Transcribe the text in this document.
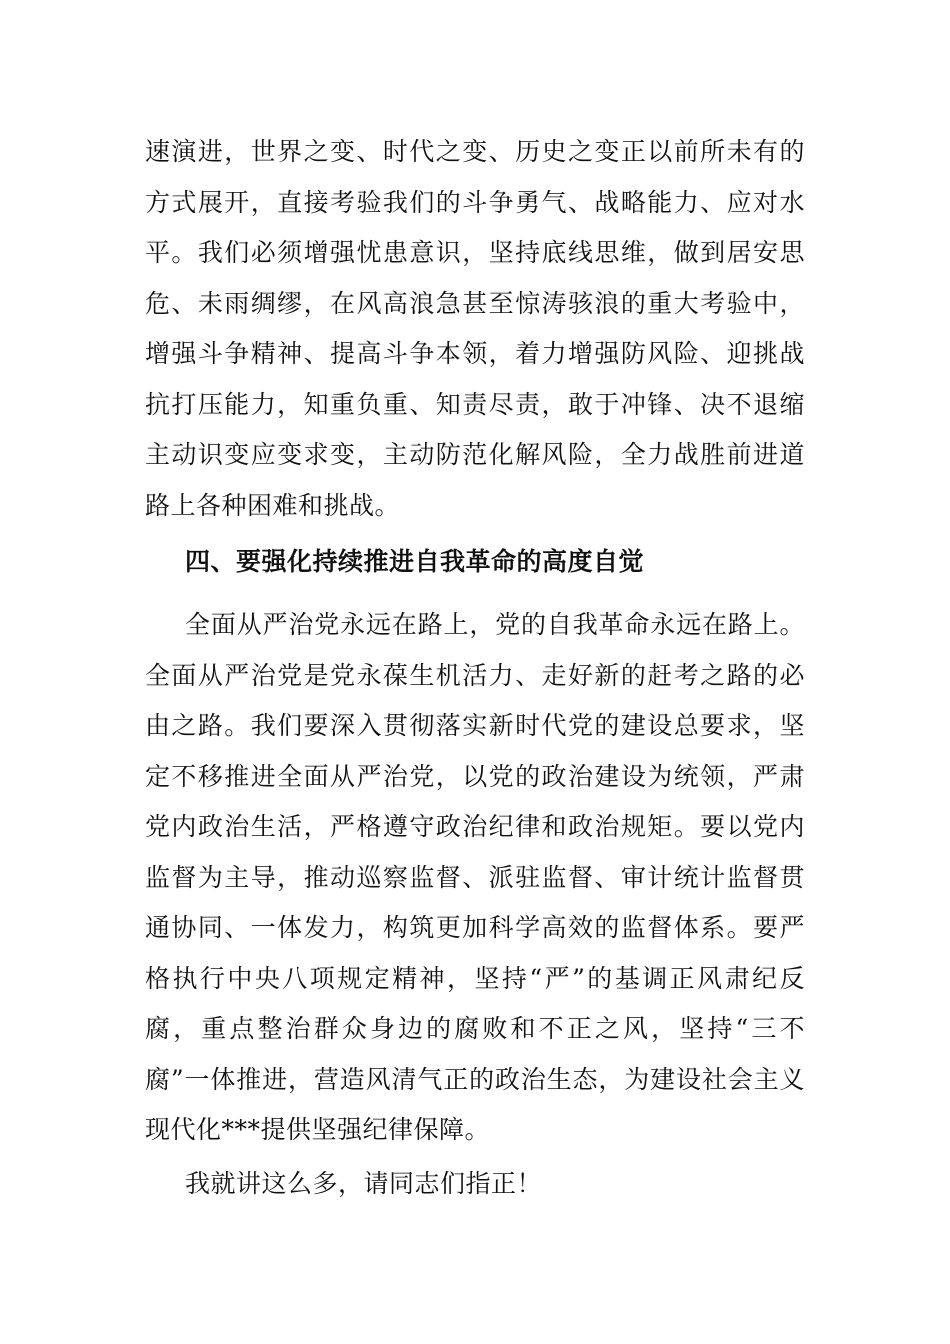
速演进，世界之变、时代之变、历史之变正以前所未有的方式展开，直接考验我们的斗争勇气、战略能力、应对水平。我们必须增强忧患意识，坚持底线思维，做到居安思危、未雨绸缪，在风高浪急甚至惊涛骇浪的重大考验中，增强斗争精神、提高斗争本领，着力增强防风险、迎挑战抗打压能力，知重负重、知责尽责，敢于冲锋、决不退缩主动识变应变求变，主动防范化解风险，全力战胜前进道路上各种困难和挑战。
四、要强化持续推进自我革命的高度自觉
全面从严治党永远在路上，党的自我革命永远在路上。全面从严治党是党永葆生机活力、走好新的赶考之路的必由之路。我们要深入贯彻落实新时代党的建设总要求，坚定不移推进全面从严治党，以党的政治建设为统领，严肃党内政治生活，严格遵守政治纪律和政治规矩。要以党内监督为主导，推动巡察监督、派驻监督、审计统计监督贯通协同、一体发力，构筑更加科学高效的监督体系。要严格执行中央八项规定精神，坚持“严”的基调正风肃纪反腐，重点整治群众身边的腐败和不正之风，坚持“三不腐”一体推进，营造风清气正的政治生态，为建设社会主义现代化***提供坚强纪律保障。
我就讲这么多，请同志们指正！
